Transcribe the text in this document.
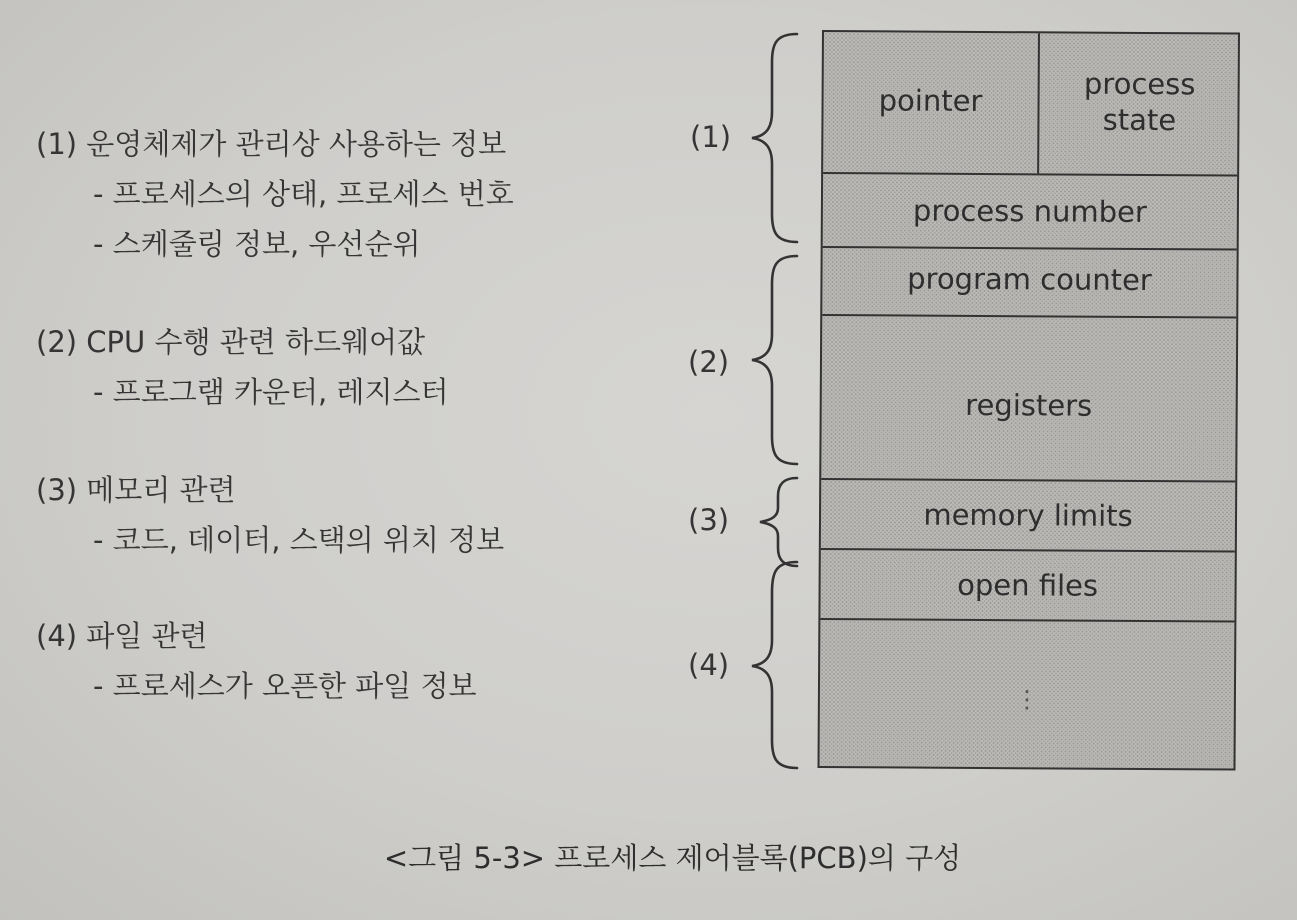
(1) 운영체제가 관리상 사용하는 정보

- 프로세스의 상태, 프로세스 번호

- 스케줄링 정보, 우선순위

(2) CPU 수행 관련 하드웨어값

- 프로그램 카운터, 레지스터

(3) 메모리 관련

- 코드, 데이터, 스택의 위치 정보

(4) 파일 관련

- 프로세스가 오픈한 파일 정보

(1)
(2)
(3)
(4)
pointer	process
state
process number
program counter
registers
memory limits
open files
⋮
<그림 5-3> 프로세스 제어블록(PCB)의 구성
